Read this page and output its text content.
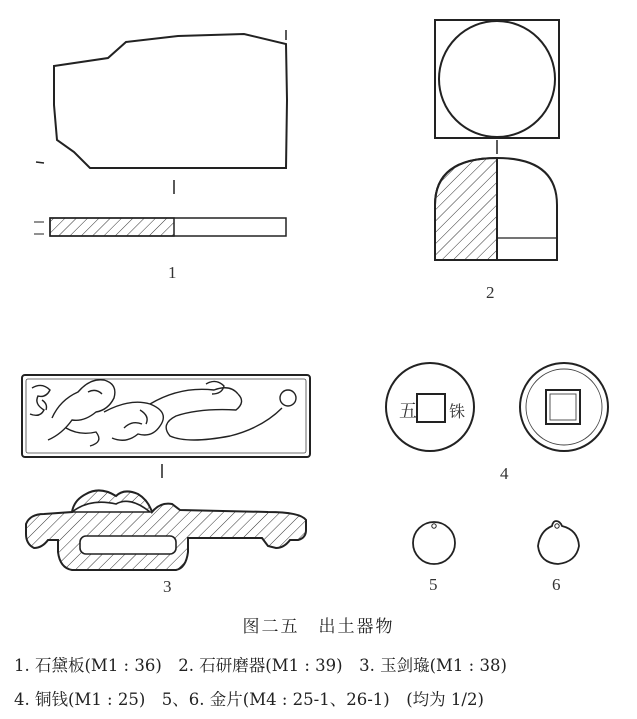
五 铢
1
2
3
4
5	6
图二五　出土器物
1. 石黛板(M1 : 36)　2. 石研磨器(M1 : 39)　3. 玉剑璏(M1 : 38)
4. 铜钱(M1 : 25)　5、6. 金片(M4 : 25-1、26-1)　(均为 1/2)
